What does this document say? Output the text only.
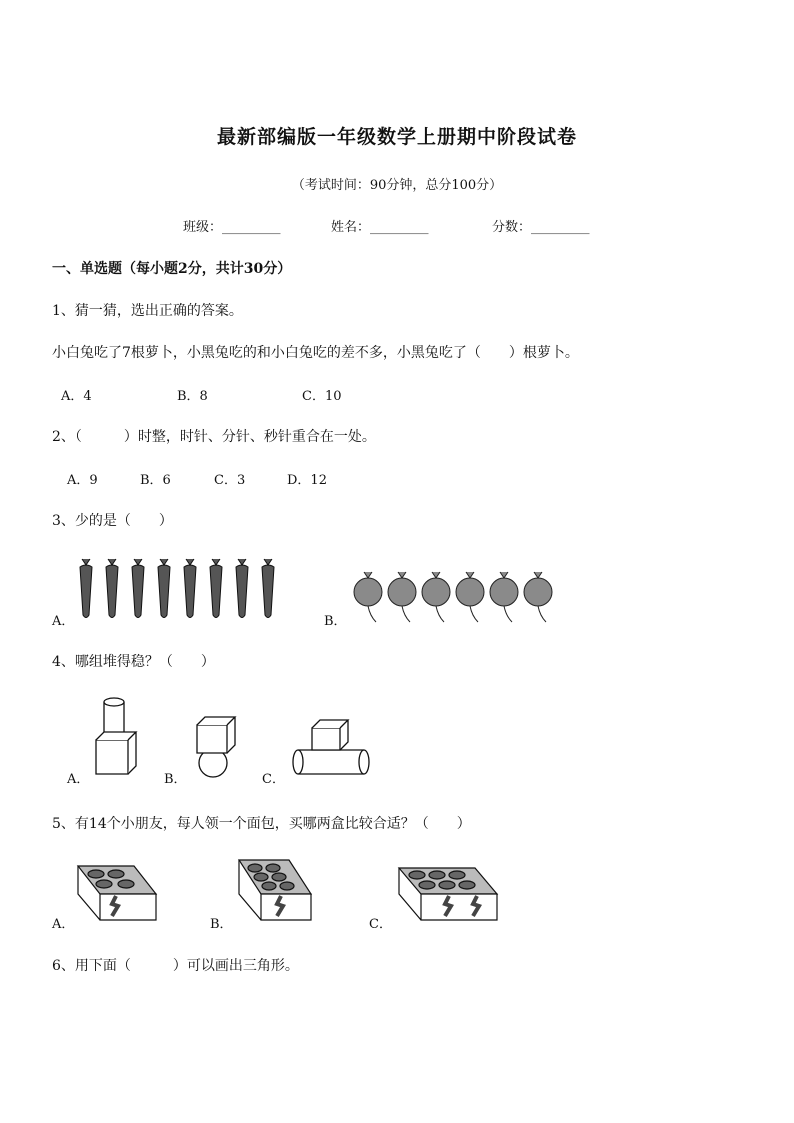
最新部编版一年级数学上册期中阶段试卷
（考试时间：90分钟，总分100分）
班级：_________	姓名：_________	分数：_________
一、单选题（每小题2分，共计30分）
1、猜一猜，选出正确的答案。
小白兔吃了7根萝卜，小黑兔吃的和小白兔吃的差不多，小黑兔吃了（　　）根萝卜。
A．4	B．8	C．10
2、（　　　）时整，时针、分针、秒针重合在一处。
A．9	B．6	C．3	D．12
3、少的是（　　）
A．	B．
4、哪组堆得稳？（　　）
A．	B．	C．
5、有14个小朋友，每人领一个面包，买哪两盒比较合适？（　　）
A．	B．	C．
6、用下面（　　　）可以画出三角形。
